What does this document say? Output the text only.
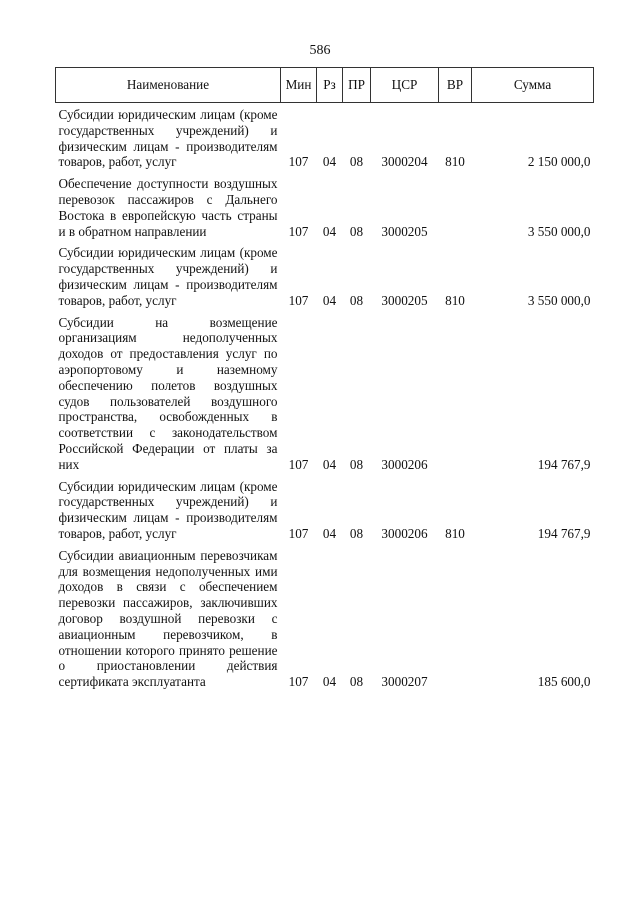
586
Наименование	Мин	Рз	ПР	ЦСР	ВР	Сумма
Субсидии юридическим лицам (кроме государственных учреждений) и физическим лицам - производителям товаров, работ, услуг	107	04	08	3000204	810	2 150 000,0
Обеспечение доступности воздушных перевозок пассажиров с Дальнего Востока в европейскую часть страны и в обратном направлении	107	04	08	3000205		3 550 000,0
Субсидии юридическим лицам (кроме государственных учреждений) и физическим лицам - производителям товаров, работ, услуг	107	04	08	3000205	810	3 550 000,0
Субсидии на возмещение организациям недополученных доходов от предоставления услуг по аэропортовому и наземному обеспечению полетов воздушных судов пользователей воздушного пространства, освобожденных в соответствии с законодательством Российской Федерации от платы за них	107	04	08	3000206		194 767,9
Субсидии юридическим лицам (кроме государственных учреждений) и физическим лицам - производителям товаров, работ, услуг	107	04	08	3000206	810	194 767,9
Субсидии авиационным перевозчикам для возмещения недополученных ими доходов в связи с обеспечением перевозки пассажиров, заключивших договор воздушной перевозки с авиационным перевозчиком, в отношении которого принято решение о приостановлении действия сертификата эксплуатанта	107	04	08	3000207		185 600,0
